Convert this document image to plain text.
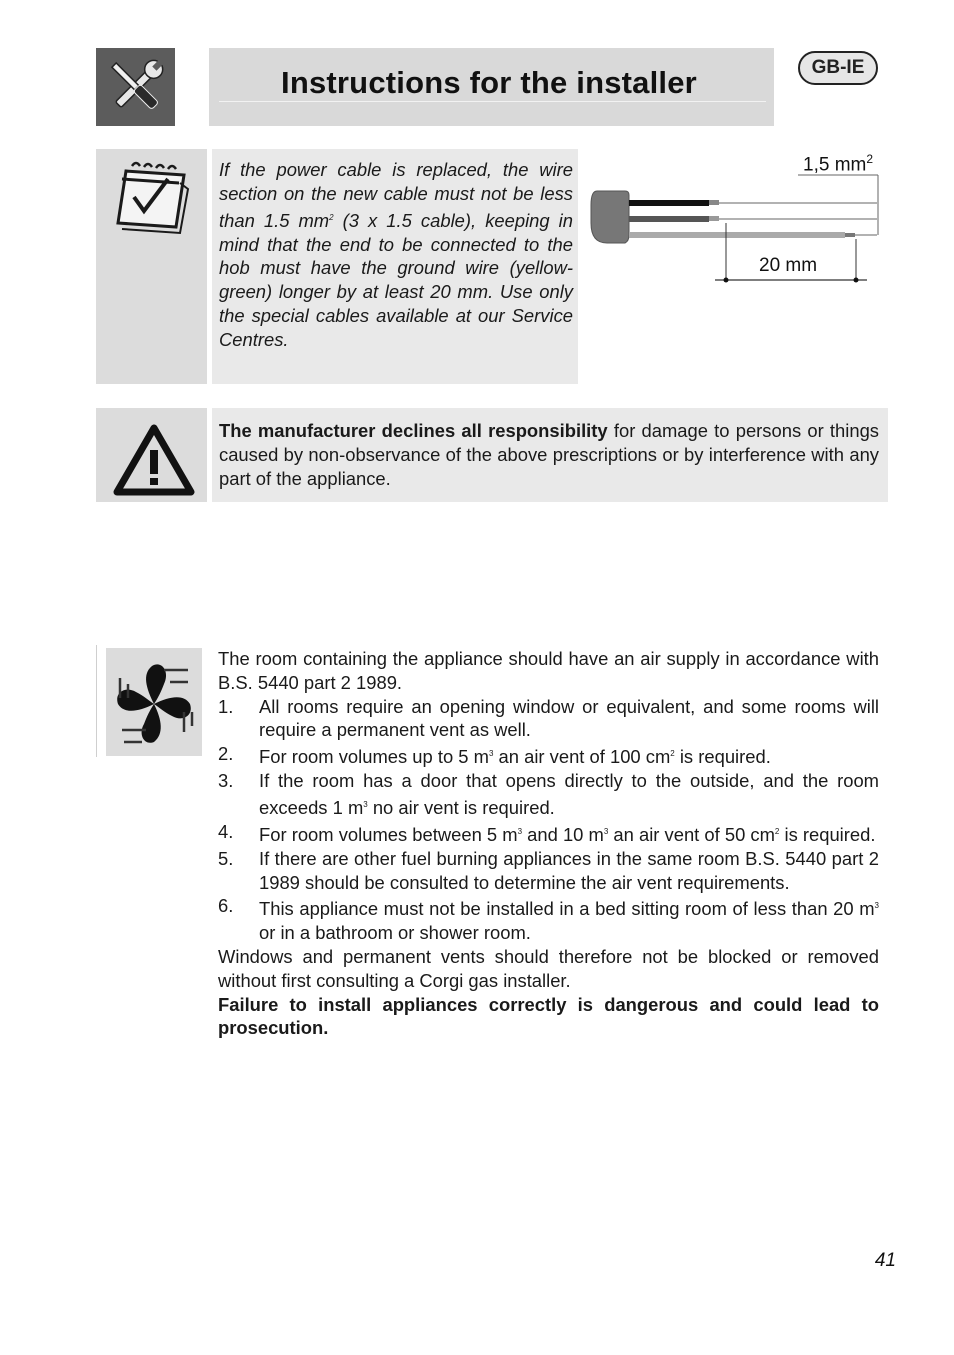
Instructions for the installer	GB-IE
If the power cable is replaced, the wire section on the new cable must not be less than 1.5 $mm^2$ (3 x 1.5 cable), keeping in mind that the end to be connected to the hob must have the ground wire (yellow-green) longer by at least 20 mm. Use only the special cables available at our Service Centres.
1,5 $mm^2$
20 mm
The manufacturer declines all responsibility for damage to persons or things caused by non-observance of the above prescriptions or by interference with any part of the appliance.
The room containing the appliance should have an air supply in accordance with B.S. 5440 part 2 1989.
1. All rooms require an opening window or equivalent, and some rooms will require a permanent vent as well.
2. For room volumes up to 5 $m^3$ an air vent of 100 $cm^2$ is required.
3. If the room has a door that opens directly to the outside, and the room exceeds 1 $m^3$ no air vent is required.
4. For room volumes between 5 $m^3$ and 10 $m^3$ an air vent of 50 $cm^2$ is required.
5. If there are other fuel burning appliances in the same room B.S. 5440 part 2 1989 should be consulted to determine the air vent requirements.
6. This appliance must not be installed in a bed sitting room of less than 20 $m^3$ or in a bathroom or shower room.
Windows and permanent vents should therefore not be blocked or removed without first consulting a Corgi gas installer.
Failure to install appliances correctly is dangerous and could lead to prosecution.
41
